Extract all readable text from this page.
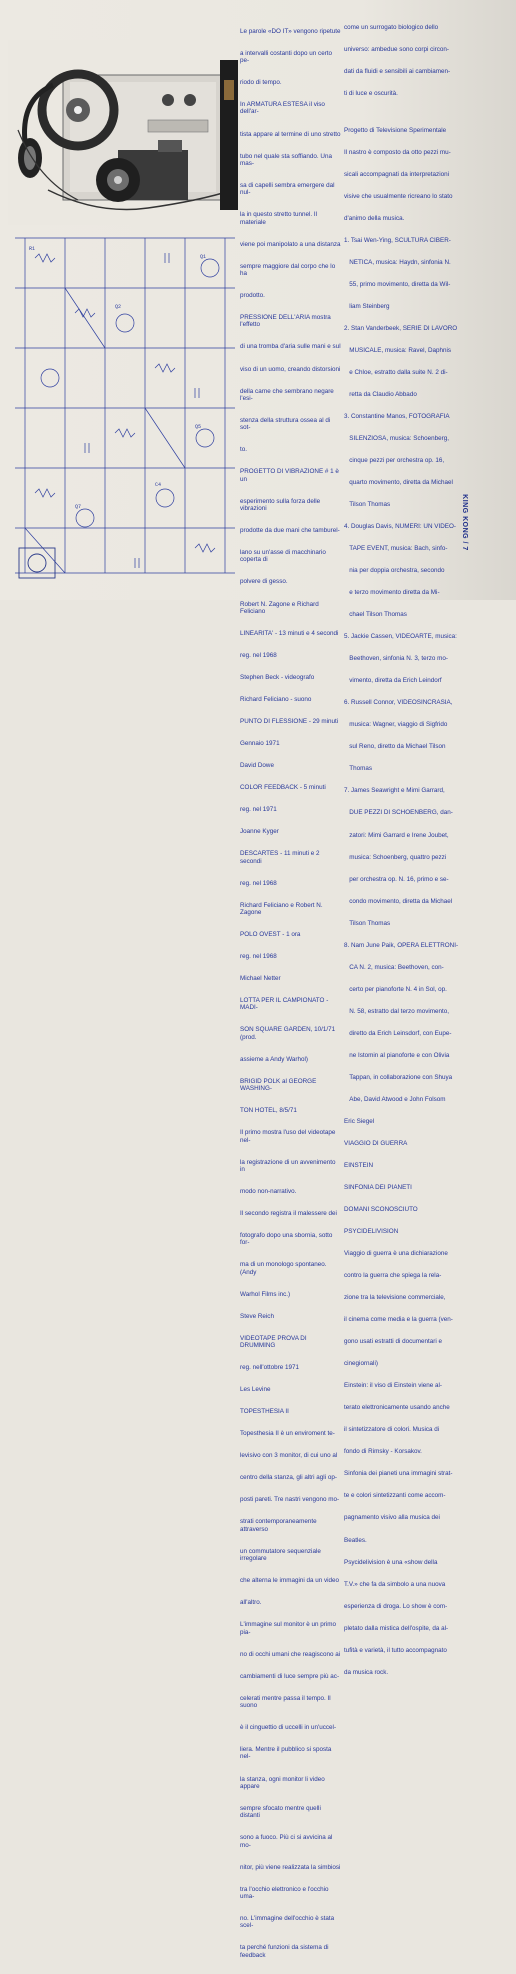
R1
Q2
Q5
Q7
C4
Q1

Le parole «DO IT» vengono ripetute

a intervalli costanti dopo un certo pe-

riodo di tempo.

In ARMATURA ESTESA il viso dell'ar-

tista appare al termine di uno stretto

tubo nel quale sta soffiando. Una mas-

sa di capelli sembra emergere dal nul-

la in questo stretto tunnel. Il materiale

viene poi manipolato a una distanza

sempre maggiore dal corpo che lo ha

prodotto.

PRESSIONE DELL'ARIA mostra l'effetto

di una tromba d'aria sulle mani e sul

viso di un uomo, creando distorsioni

della carne che sembrano negare l'esi-

stenza della struttura ossea al di sot-

to.

PROGETTO DI VIBRAZIONE # 1 è un

esperimento sulla forza delle vibrazioni

prodotte da due mani che tamburel-

lano su un'asse di macchinario coperta di

polvere di gesso.

Robert N. Zagone e Richard Feliciano

LINEARITA' - 13 minuti e 4 secondi

reg. nel 1968

Stephen Beck - videografo

Richard Feliciano - suono

PUNTO DI FLESSIONE - 29 minuti

Gennaio 1971

David Dowe

COLOR FEEDBACK - 5 minuti

reg. nel 1971

Joanne Kyger

DESCARTES - 11 minuti e 2 secondi

reg. nel 1968

Richard Feliciano e Robert N. Zagone

POLO OVEST - 1 ora

reg. nel 1968

Michael Netter

LOTTA PER IL CAMPIONATO - MADI-

SON SQUARE GARDEN, 10/1/71 (prod.

assieme a Andy Warhol)

BRIGID POLK al GEORGE WASHING-

TON HOTEL, 8/5/71

Il primo mostra l'uso del videotape nel-

la registrazione di un avvenimento in

modo non-narrativo.

Il secondo registra il malessere dei

fotografo dopo una sbornia, sotto for-

ma di un monologo spontaneo. (Andy

Warhol Films inc.)

Steve Reich

VIDEOTAPE PROVA DI DRUMMING

reg. nell'ottobre 1971

Les Levine

TOPESTHESIA II

Topesthesia II è un enviroment te-

levisivo con 3 monitor, di cui uno al

centro della stanza, gli altri agli op-

posti pareti. Tre nastri vengono mo-

strati contemporaneamente attraverso

un commutatore sequenziale irregolare

che alterna le immagini da un video

all'altro.

L'immagine sul monitor è un primo pia-

no di occhi umani che reagiscono ai

cambiamenti di luce sempre più ac-

celerati mentre passa il tempo. Il suono

è il cinguettio di uccelli in un'uccel-

liera. Mentre il pubblico si sposta nel-

la stanza, ogni monitor li video appare

sempre sfocato mentre quelli distanti

sono a fuoco. Più ci si avvicina al mo-

nitor, più viene realizzata la simbiosi

tra l'occhio elettronico e l'occhio uma-

no. L'immagine dell'occhio è stata scel-

ta perché funzioni da sistema di feedback

come un surrogato biologico dello

universo: ambedue sono corpi circon-

dati da fluidi e sensibili ai cambiamen-

ti di luce e oscurità.

Progetto di Televisione Sperimentale

Il nastro è composto da otto pezzi mu-

sicali accompagnati da interpretazioni

visive che usualmente ricreano lo stato

d'animo della musica.

1. Tsai Wen-Ying, SCULTURA CIBER-

NETICA, musica: Haydn, sinfonia N.

55, primo movimento, diretta da Wil-

liam Steinberg

2. Stan Vanderbeek, SERIE DI LAVORO

MUSICALE, musica: Ravel, Daphnis

e Chloe, estratto dalla suite N. 2 di-

retta da Claudio Abbado

3. Constantine Manos, FOTOGRAFIA

SILENZIOSA, musica: Schoenberg,

cinque pezzi per orchestra op. 16,

quarto movimento, diretta da Michael

Tilson Thomas

4. Douglas Davis, NUMERI: UN VIDEO-

TAPE EVENT, musica: Bach, sinfo-

nia per doppia orchestra, secondo

e terzo movimento diretta da Mi-

chael Tilson Thomas

5. Jackie Cassen, VIDEOARTE, musica:

Beethoven, sinfonia N. 3, terzo mo-

vimento, diretta da Erich Leindorf

6. Russell Connor, VIDEOSINCRASIA,

musica: Wagner, viaggio di Sigfrido

sul Reno, diretto da Michael Tilson

Thomas

7. James Seawright e Mimi Garrard,

DUE PEZZI DI SCHOENBERG, dan-

zatori: Mimi Garrard e Irene Joubet,

musica: Schoenberg, quattro pezzi

per orchestra op. N. 16, primo e se-

condo movimento, diretta da Michael

Tilson Thomas

8. Nam June Paik, OPERA ELETTRONI-

CA N. 2, musica: Beethoven, con-

certo per pianoforte N. 4 in Sol, op.

N. 58, estratto dal terzo movimento,

diretto da Erich Leinsdorf, con Eupe-

ne Istomin al pianoforte e con Olivia

Tappan, in collaborazione con Shuya

Abe, David Atwood e John Folsom

Eric Siegel

VIAGGIO DI GUERRA

EINSTEIN

SINFONIA DEI PIANETI

DOMANI SCONOSCIUTO

PSYCIDELIVISION

Viaggio di guerra è una dichiarazione

contro la guerra che spiega la rela-

zione tra la televisione commerciale,

il cinema come media e la guerra (ven-

gono usati estratti di documentari e

cinegiornali)

Einstein: il viso di Einstein viene al-

terato elettronicamente usando anche

il sintetizzatore di colori. Musica di

fondo di Rimsky - Korsakov.

Sinfonia dei pianeti una immagini strat-

te e colori sintetizzanti come accom-

pagnamento visivo alla musica dei

Beatles.

Psycidelivision è una «show della

T.V.» che fa da simbolo a una nuova

esperienza di droga. Lo show è com-

pletato dalla mistica dell'ospite, da al-

tufità e varietà, il tutto accompagnato

da musica rock.

KING KONG / 7
